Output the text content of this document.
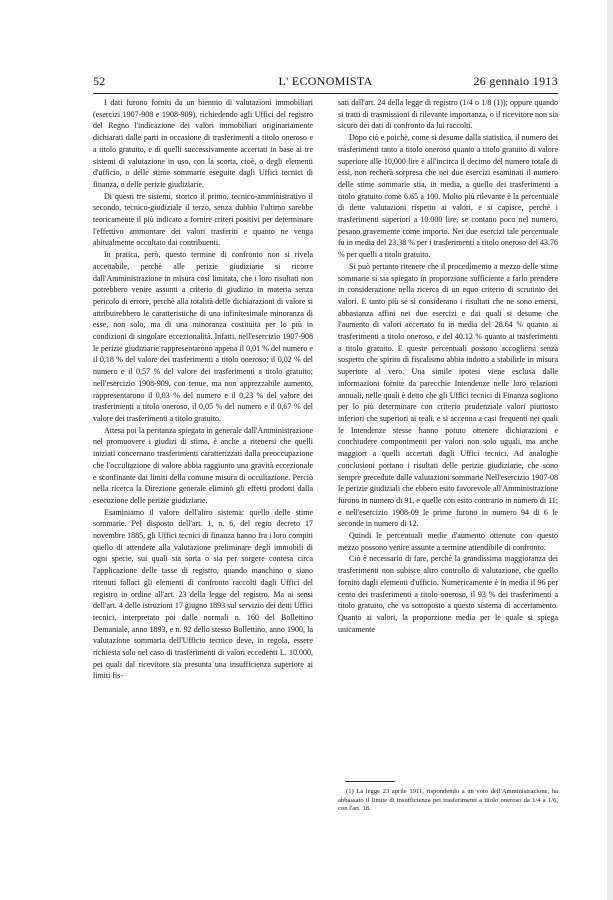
52	L' ECONOMISTA	26 gennaio 1913

I dati furono forniti da un biennio di valutazioni immobiliari (esercizi 1907-908 e 1908-909), richiedendo agli Uffici del registro del Regno l'indicazione dei valori immobiliari originariamente dichiarati dalle parti in occasione di trasferimenti a titolo oneroso e a titolo gratuito, e di quelli successivamente accertati in base ai tre sistemi di valutazione in uso, con la scorta, cioè, o degli elementi d'ufficio, o delle stime sommarie eseguite dagli Uffici tecnici di finanza, o delle perizie giudiziarie.

Di questi tre sistemi, storico il primo, tecnico-amministrativo il secondo, tecnico-giudiziale il terzo, senza dubbio l'ultimo sarebbe teoricamente il più indicato a fornire criteri positivi per determinare l'effettivo ammontare dei valori trasferiti e quanto ne venga abitualmente occultato dai contribuenti.

In pratica, però, questo termine di confronto non si rivela accettabile, perchè alle perizie giudiziarie si ricorre dall'Amministrazione in misura così limitata, che i loro risultati non potrebbero venire assunti a criterio di giudizio in materia senza pericolo di errore, perchè alla totalità delle dichiarazioni di valore si attribuirebbero le caratteristiche di una infinitesimale minoranza di esse, non solo, ma di una minoranza costituita per lo più in condizioni di singolare eccezionalità. Infatti, nell'esercizio 1907-908 le perizie giudiziarie rappresentarono appena il 0,01 % del numero e il 0,18 % del valore dei trasferimenti a titolo oneroso; il 0,02 % del numero e il 0,57 % del valore dei trasferimenti a titolo gratuito; nell'esercizio 1908-909, con tenue, ma non apprezzabile aumento, rappresentarono il 0,03 % del numero e il 0,23 % del valore dei trasferimenti a titolo oneroso, il 0,05 % del numero e il 0,67 % del valore dei trasferimenti a titolo gratuito.

Attesa poi la peritanza spiegata in generale dall'Amministrazione nel promuovere i giudizi di stima, è anche a ritenersi che quelli iniziati concernano trasferimenti caratterizzati dalla preoccupazione che l'occultazione di valore abbia raggiunto una gravità eccezionale e sconfinante dai limiti della comune misura di occultazione. Perciò nella ricerca la Direzione generale eliminò gli effetti prodotti dalla esecuzione delle perizie giudiziarie.

Esaminiamo il valore dell'altro sistema: quello delle stime sommarie. Pel disposto dell'art. 1, n. 6, del regio decreto 17 novembre 1885, gli Uffici tecnici di finanza hanno fra i loro compiti quello di attendere alla valutazione preliminare degli immobili di ogni specie, sui quali sia sorta o sia per sorgere contesa circa l'applicazione delle tasse di registro, quando manchino o siano ritenuti fallaci gli elementi di confronto raccolti dagli Uffici del registro in ordine all'art. 23 della legge del registro. Ma ai sensi dell'art. 4 delle istruzioni 17 giugno 1893 sul servizio dei detti Uffici tecnici, interpretato poi dalle normali n. 160 del Bollettino Demaniale, anno 1893, e n. 92 dello stesso Bollettino, anno 1900, la valutazione sommaria dell'Ufficio tecnico deve, in regola, essere richiesta solo nel caso di trasferimenti di valori eccedenti L. 10.000, pei quali dal ricevitore sia presunta una insufficienza superiore ai limiti fis-

sati dall'art. 24 della legge di registro (1/4 o 1/8 (1)); oppure quando si tratti di trasmissioni di rilevante importanza, o il ricevitore non sia sicuro dei dati di confronto da lui raccolti.

Dopo ciò e poichè, come si desume dalla statistica, il numero dei trasferimenti tanto a titolo oneroso quanto a titolo gratuito di valore superiore alle 10,000 lire è all'incirca il decimo del numero totale di essi, non recherà sorpresa che nei due esercizi esaminati il numero delle stime sommarie stia, in media, a quello dei trasferimenti a titolo gratuito come 6.65 a 100. Molto più rilevante è la percentuale di dette valutazioni rispetto ai valori, e si capisce, perchè i trasferimenti superiori a 10.000 lire, se contano poco nel numero, pesano gravemente come importo. Nei due esercizi tale percentuale fu in media del 23.38 % per i trasferimenti a titolo oneroso del 43.76 % per quelli a titolo gratuito.

Si può pertanto ritenere che il procedimento a mezzo delle stime sommarie si sia spiegato in proporzione sufficiente a farlo prendere in considerazione nella ricerca di un equo criterio di scrutinio dei valori. E tanto più se si considerano i risultati che ne sono emersi, abbastanza affini nei due esercizi e dai quali si desume che l'aumento di valori accertato fu in media del 28.64 % quanto ai trasferimenti a titolo oneroso, e del 40.12 % quanto ai trasferimenti a titolo gratuito. E queste percentuali possono accogliersi senza sospetto che spirito di fiscalismo abbia indotto a stabilirle in misura superiore al vero. Una simile ipotesi viene esclusa dalle informazioni fornite da parecchie Intendenze nelle loro relazioni annuali, nelle quali è detto che gli Uffici tecnici di Finanza sogliono per lo più determinare con criterio prudenziale valori piuttosto inferiori che superiori ai reali, e si accenna a casi frequenti nei quali le Intendenze stesse hanno potuto ottenere dichiarazioni e conchiudere componimenti per valori non solo uguali, ma anche maggiori a quelli accertati dagli Uffici tecnici. Ad analoghe conclusioni portano i risultati delle perizie giudiziarie, che sono sempre precedute dalle valutazioni sommarie Nell'esercizio 1907-08 le perizie giudiziali che ebbero esito favorevole all'Amministrazione furono in numero di 91, e quelle con esito contrario in numero di 11; e nell'esercizio 1908-09 le prime furono in numero 94 di 6 le seconde in numero di 12.

Quindi le percentuali medie d'aumento ottenute con questo mezzo possono venire assunte a termine attendibile di confronto.

Ciò è necessario di fare, perchè la grandissima maggioranza dei trasferimenti non subisce altro controllo di valutazione, che quello fornito dagli elementi d'ufficio. Numericamente è in media il 96 per cento dei trasferimenti a titolo oneroso, il 93 % dei trasferimenti a titolo gratuito, che va sottoposto a questo sistema di accertamento. Quanto ai valori, la proporzione media per le quale si spiega unicamente

(1) La legge 23 aprile 1911, rispondendo a un voto dell'Amministrazione, ha abbassato il limite di insufficienza pei trasferimenti a titolo oneroso da 1/4 a 1/6, con l'art. 18.
